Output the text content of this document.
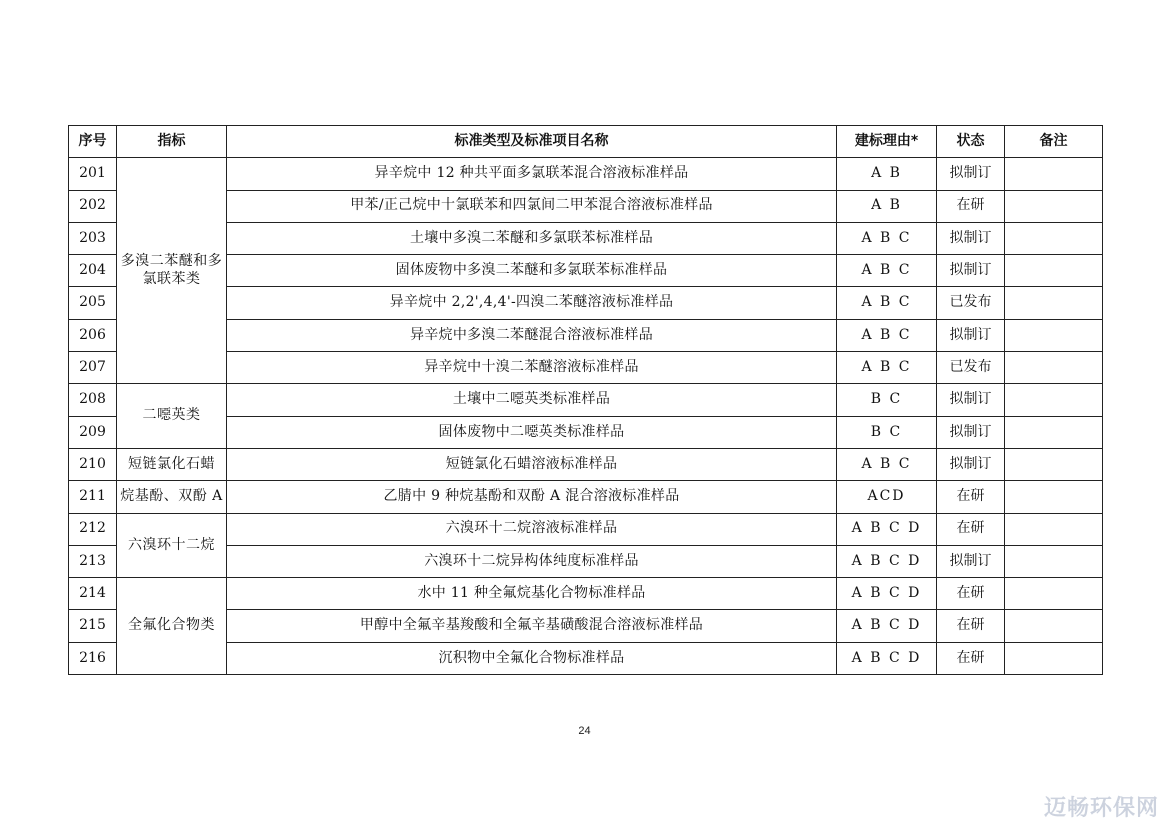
序号	指标	标准类型及标准项目名称	建标理由*	状态	备注
201	多溴二苯醚和多氯联苯类	异辛烷中 12 种共平面多氯联苯混合溶液标准样品	A B	拟制订	
202		甲苯/正己烷中十氯联苯和四氯间二甲苯混合溶液标准样品	A B	在研	
203		土壤中多溴二苯醚和多氯联苯标准样品	A B C	拟制订	
204		固体废物中多溴二苯醚和多氯联苯标准样品	A B C	拟制订	
205		异辛烷中 2,2',4,4'-四溴二苯醚溶液标准样品	A B C	已发布	
206		异辛烷中多溴二苯醚混合溶液标准样品	A B C	拟制订	
207		异辛烷中十溴二苯醚溶液标准样品	A B C	已发布	
208	二噁英类	土壤中二噁英类标准样品	B C	拟制订	
209		固体废物中二噁英类标准样品	B C	拟制订	
210	短链氯化石蜡	短链氯化石蜡溶液标准样品	A B C	拟制订	
211	烷基酚、双酚 A	乙腈中 9 种烷基酚和双酚 A 混合溶液标准样品	ACD	在研	
212	六溴环十二烷	六溴环十二烷溶液标准样品	A B C D	在研	
213		六溴环十二烷异构体纯度标准样品	A B C D	拟制订	
214	全氟化合物类	水中 11 种全氟烷基化合物标准样品	A B C D	在研	
215		甲醇中全氟辛基羧酸和全氟辛基磺酸混合溶液标准样品	A B C D	在研	
216		沉积物中全氟化合物标准样品	A B C D	在研	
24
迈畅环保网
